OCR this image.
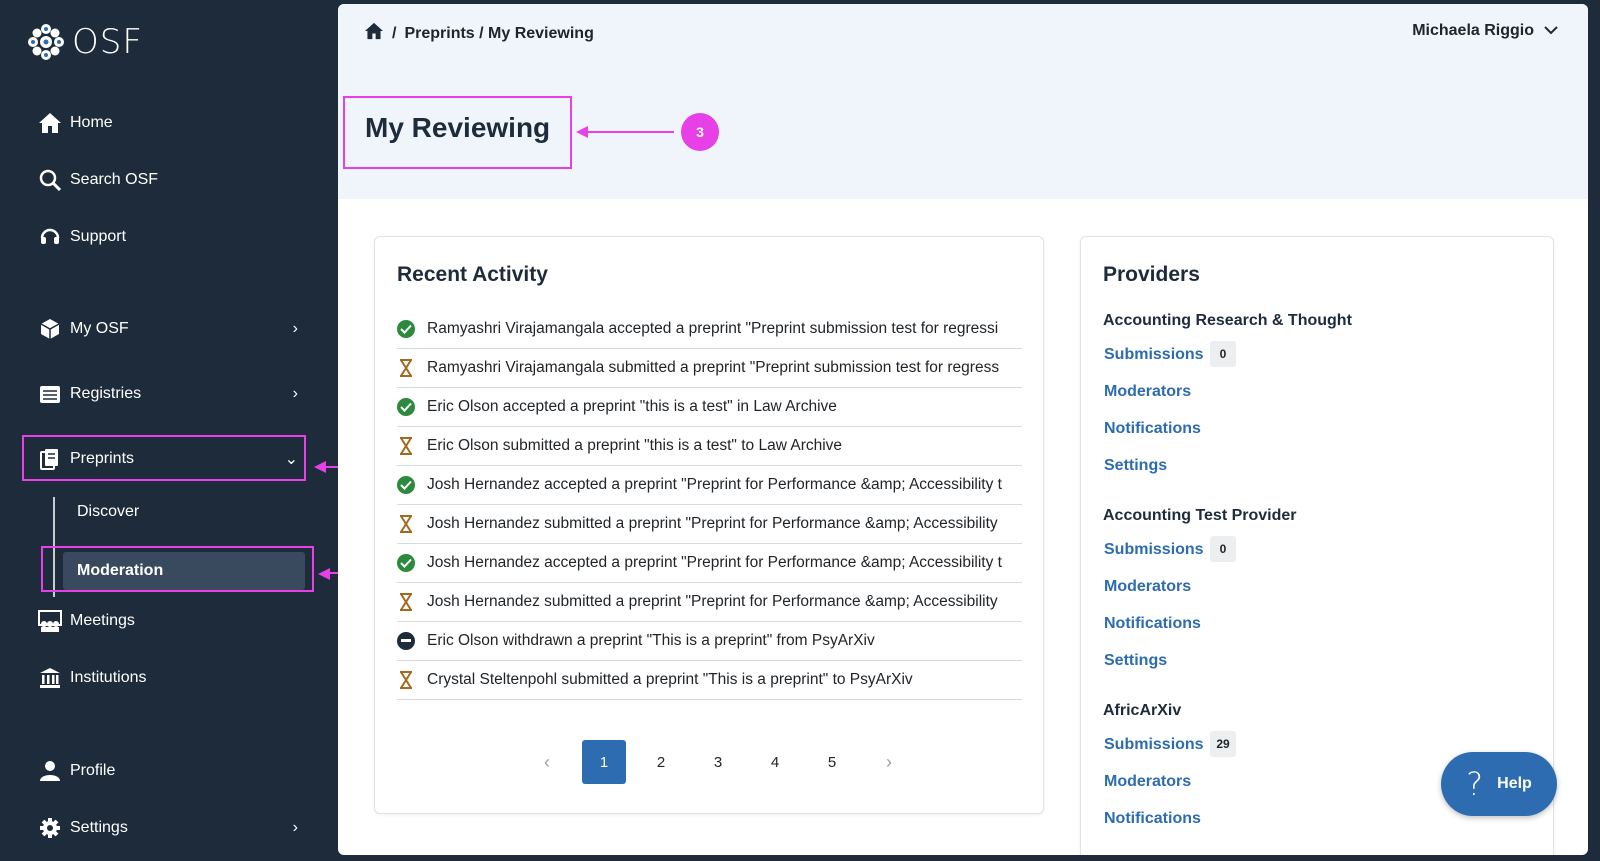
OSF
Home
Search OSF
Support
My OSF	›
Registries	›
Preprints	⌄
Discover
Moderation
Meetings
Institutions
Profile
Settings	›
/ Preprints / My Reviewing	Michaela Riggio
My Reviewing
Recent Activity
Ramyashri Virajamangala accepted a preprint "Preprint submission test for regressi
Ramyashri Virajamangala submitted a preprint "Preprint submission test for regress
Eric Olson accepted a preprint "this is a test" in Law Archive
Eric Olson submitted a preprint "this is a test" to Law Archive
Josh Hernandez accepted a preprint "Preprint for Performance &amp; Accessibility t
Josh Hernandez submitted a preprint "Preprint for Performance &amp; Accessibility
Josh Hernandez accepted a preprint "Preprint for Performance &amp; Accessibility t
Josh Hernandez submitted a preprint "Preprint for Performance &amp; Accessibility
Eric Olson withdrawn a preprint "This is a preprint" from PsyArXiv
Crystal Steltenpohl submitted a preprint "This is a preprint" to PsyArXiv
‹	1	2	3	4	5	›
Providers
Accounting Research & Thought
Submissions	0
Moderators
Notifications
Settings
Accounting Test Provider
Submissions	0
Moderators
Notifications
Settings
AfricArXiv
Submissions	29
Moderators
Notifications
3
? Help
